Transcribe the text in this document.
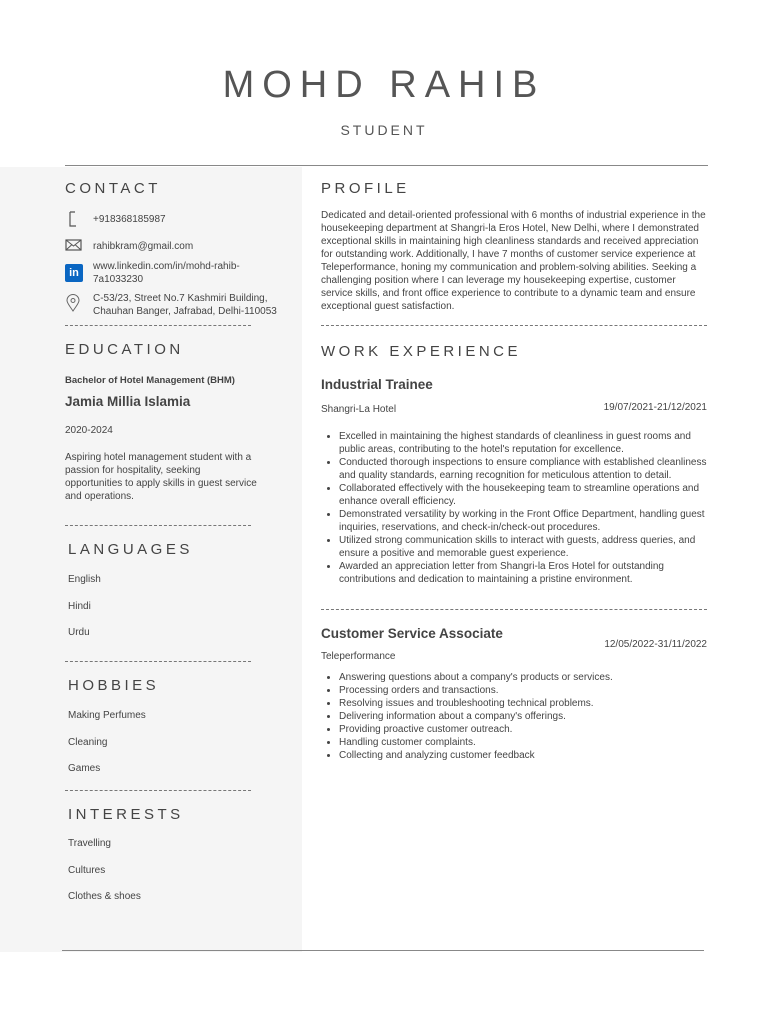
MOHD RAHIB
STUDENT
CONTACT
+918368185987
rahibkram@gmail.com
in
www.linkedin.com/in/mohd-rahib-
7a1033230
C-53/23, Street No.7 Kashmiri Building,
Chauhan Banger, Jafrabad, Delhi-110053
EDUCATION
Bachelor of Hotel Management (BHM)
Jamia Millia Islamia
2020-2024
Aspiring hotel management student with a passion for hospitality, seeking opportunities to apply skills in guest service and operations.
LANGUAGES
English
Hindi
Urdu
HOBBIES
Making Perfumes
Cleaning
Games
INTERESTS
Travelling
Cultures
Clothes & shoes
PROFILE
Dedicated and detail-oriented professional with 6 months of industrial experience in the housekeeping department at Shangri-la Eros Hotel, New Delhi, where I demonstrated exceptional skills in maintaining high cleanliness standards and received appreciation for outstanding work. Additionally, I have 7 months of customer service experience at Teleperformance, honing my communication and problem-solving abilities. Seeking a challenging position where I can leverage my housekeeping expertise, customer service skills, and front office experience to contribute to a dynamic team and ensure exceptional guest satisfaction.
WORK EXPERIENCE
Industrial Trainee
Shangri-La Hotel	19/07/2021-21/12/2021
• Excelled in maintaining the highest standards of cleanliness in guest rooms and public areas, contributing to the hotel's reputation for excellence.
• Conducted thorough inspections to ensure compliance with established cleanliness and quality standards, earning recognition for meticulous attention to detail.
• Collaborated effectively with the housekeeping team to streamline operations and enhance overall efficiency.
• Demonstrated versatility by working in the Front Office Department, handling guest inquiries, reservations, and check-in/check-out procedures.
• Utilized strong communication skills to interact with guests, address queries, and ensure a positive and memorable guest experience.
• Awarded an appreciation letter from Shangri-la Eros Hotel for outstanding contributions and dedication to maintaining a pristine environment.
Customer Service Associate
12/05/2022-31/11/2022
Teleperformance
• Answering questions about a company's products or services.
• Processing orders and transactions.
• Resolving issues and troubleshooting technical problems.
• Delivering information about a company's offerings.
• Providing proactive customer outreach.
• Handling customer complaints.
• Collecting and analyzing customer feedback
